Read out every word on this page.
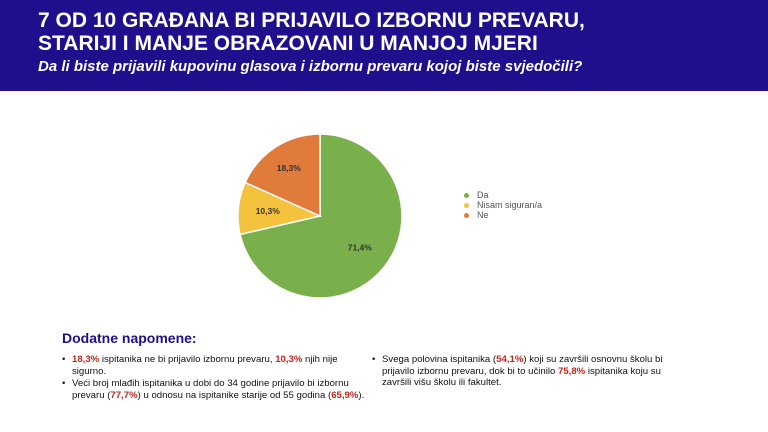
7 OD 10 GRAĐANA BI PRIJAVILO IZBORNU PREVARU,
STARIJI I MANJE OBRAZOVANI U MANJOJ MJERI
Da li biste prijavili kupovinu glasova i izbornu prevaru kojoj biste svjedočili?
71,4%
10,3%
18,3%
Da
Nisam siguran/a
Ne
Dodatne napomene:
• 18,3% ispitanika ne bi prijavilo izbornu prevaru, 10,3% njih nije sigurno.
• Veći broj mlađih ispitanika u dobi do 34 godine prijavilo bi izbornu prevaru (77,7%) u odnosu na ispitanike starije od 55 godina (65,9%).
• Svega polovina ispitanika (54,1%) koji su završili osnovnu školu bi prijavilo izbornu prevaru, dok bi to učinilo 75,8% ispitanika koju su završili višu školu ili fakultet.
